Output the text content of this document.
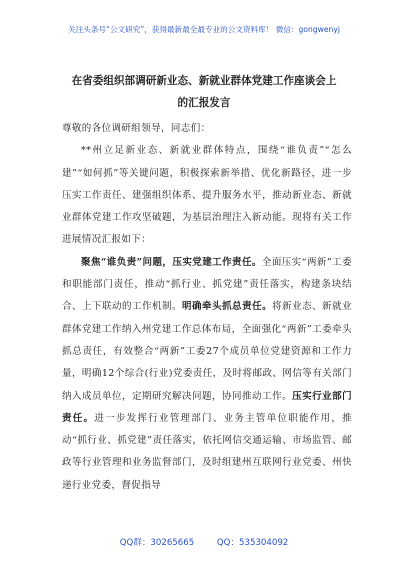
关注头条号“公文研究”，获得最新最全最专业的公文资料库！ 微信：gongwenyj
在省委组织部调研新业态、新就业群体党建工作座谈会上
的汇报发言

尊敬的各位调研组领导，同志们：

**州立足新业态、新就业群体特点，围绕“谁负责”“怎么建”“如何抓”等关键问题，积极探索新举措、优化新路径，进一步压实工作责任、建强组织体系、提升服务水平，推动新业态、新就业群体党建工作攻坚破题，为基层治理注入新动能。现将有关工作进展情况汇报如下：

聚焦“谁负责”问题，压实党建工作责任。全面压实“两新”工委和职能部门责任，推动“抓行业、抓党建”责任落实，构建条块结合、上下联动的工作机制。明确牵头抓总责任。将新业态、新就业群体党建工作纳入州党建工作总体布局，全面强化“两新”工委牵头抓总责任，有效整合“两新”工委27个成员单位党建资源和工作力量，明确12个综合(行业)党委责任，及时将邮政、网信等有关部门纳入成员单位，定期研究解决问题，协同推动工作。压实行业部门责任。进一步发挥行业管理部门、业务主管单位职能作用，推动“抓行业、抓党建”责任落实，依托网信交通运输、市场监管、邮政等行业管理和业务监督部门，及时组建州互联网行业党委、州快递行业党委，督促指导

QQ群：30265665	QQ：535304092
